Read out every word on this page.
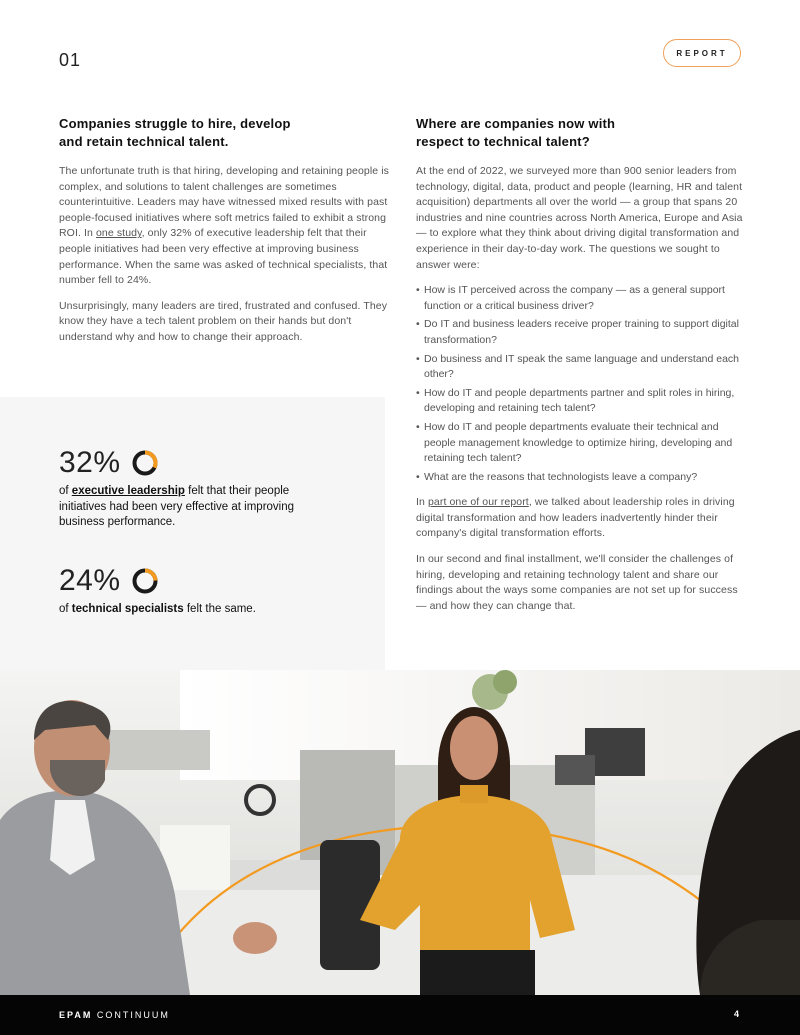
01	REPORT
Companies struggle to hire, develop
and retain technical talent.

The unfortunate truth is that hiring, developing and retaining people is complex, and solutions to talent challenges are sometimes counterintuitive. Leaders may have witnessed mixed results with past people-focused initiatives where soft metrics failed to exhibit a strong ROI. In one study, only 32% of executive leadership felt that their people initiatives had been very effective at improving business performance. When the same was asked of technical specialists, that number fell to 24%.

Unsurprisingly, many leaders are tired, frustrated and confused. They know they have a tech talent problem on their hands but don't understand why and how to change their approach.

Where are companies now with
respect to technical talent?

At the end of 2022, we surveyed more than 900 senior leaders from technology, digital, data, product and people (learning, HR and talent acquisition) departments all over the world — a group that spans 20 industries and nine countries across North America, Europe and Asia — to explore what they think about driving digital transformation and experience in their day-to-day work. The questions we sought to answer were:

• How is IT perceived across the company — as a general support function or a critical business driver?
• Do IT and business leaders receive proper training to support digital transformation?
• Do business and IT speak the same language and understand each other?
• How do IT and people departments partner and split roles in hiring, developing and retaining tech talent?
• How do IT and people departments evaluate their technical and people management knowledge to optimize hiring, developing and retaining tech talent?
• What are the reasons that technologists leave a company?

In part one of our report, we talked about leadership roles in driving digital transformation and how leaders inadvertently hinder their company's digital transformation efforts.

In our second and final installment, we'll consider the challenges of hiring, developing and retaining technology talent and share our findings about the ways some companies are not set up for success — and how they can change that.

32%
of executive leadership felt that their people initiatives had been very effective at improving business performance.
24%
of technical specialists felt the same.
EPAM CONTINUUM	4
